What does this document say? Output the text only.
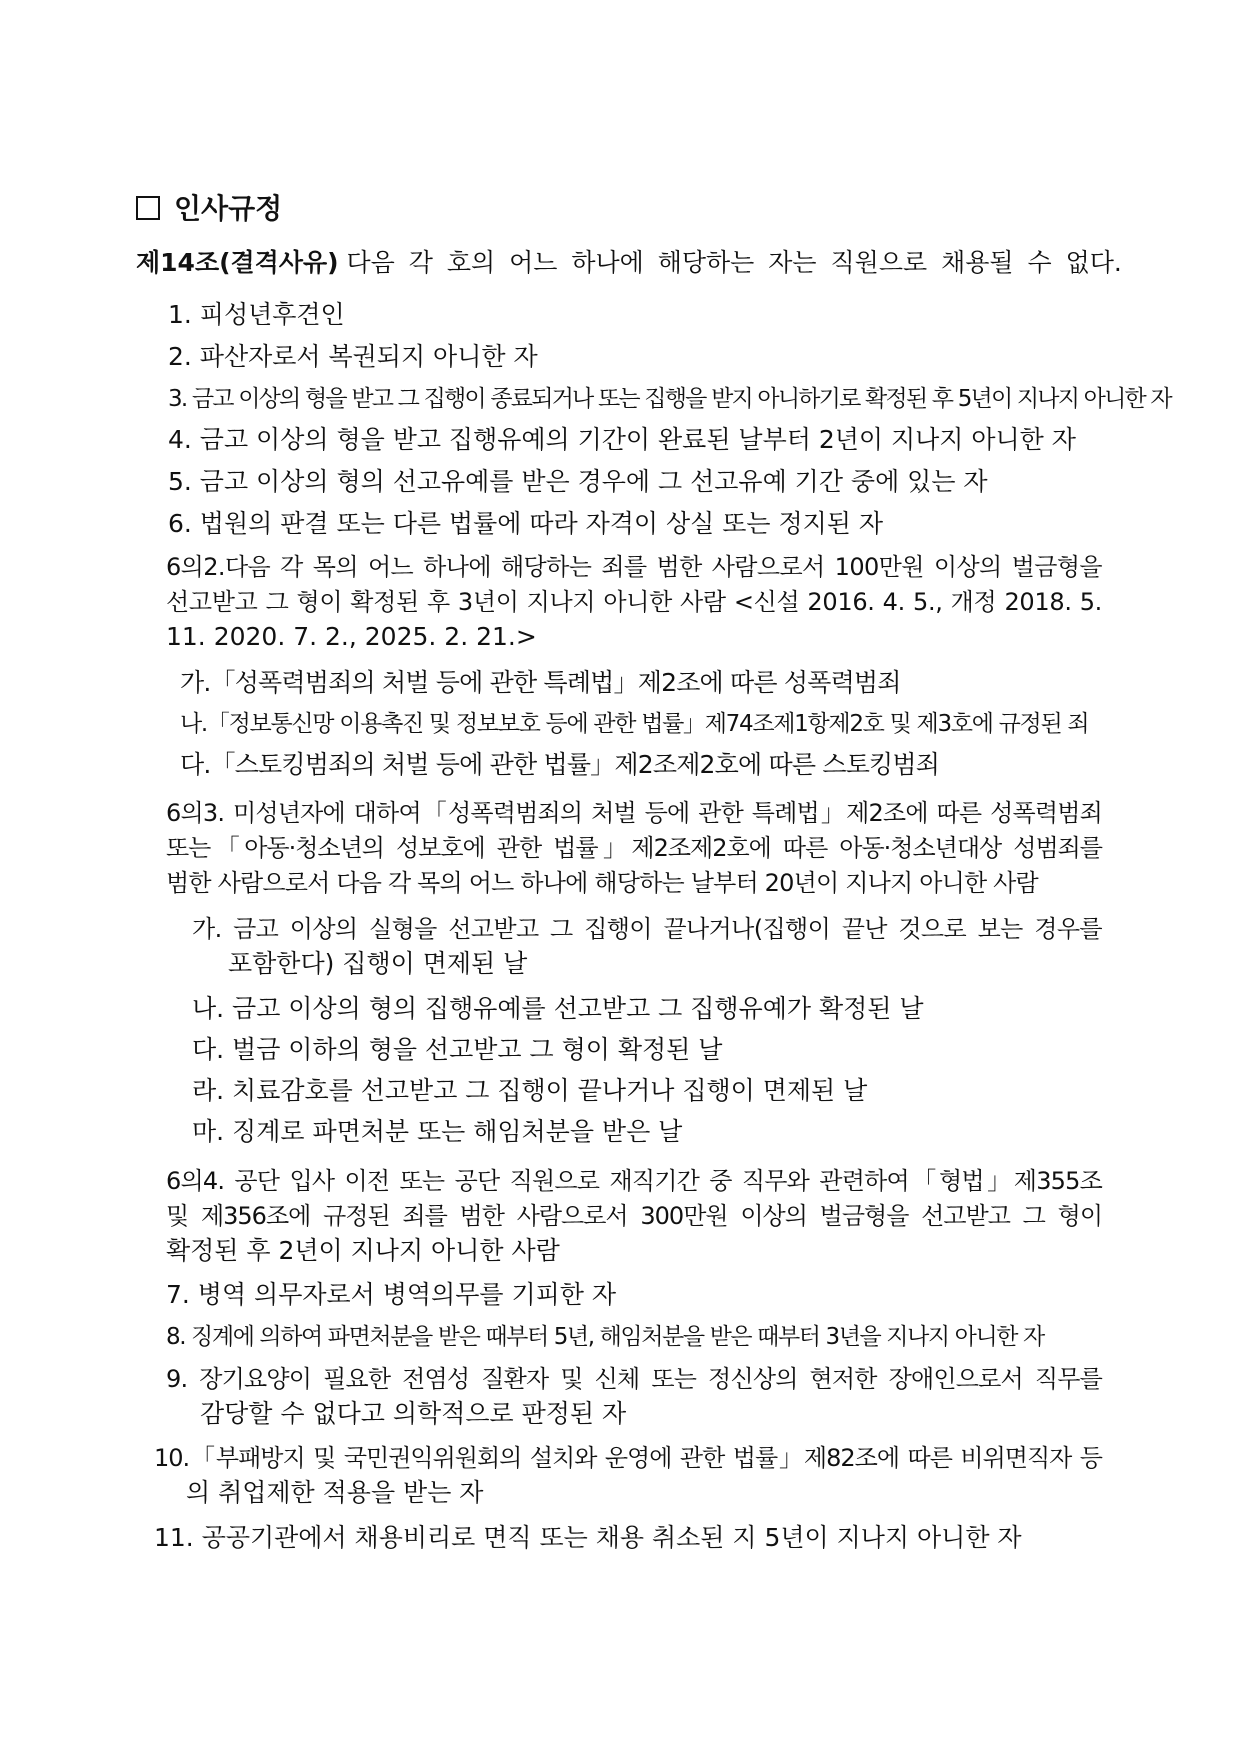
인사규정
제14조(결격사유) 다음 각 호의 어느 하나에 해당하는 자는 직원으로 채용될 수 없다.
1. 피성년후견인
2. 파산자로서 복권되지 아니한 자
3. 금고 이상의 형을 받고 그 집행이 종료되거나 또는 집행을 받지 아니하기로 확정된 후 5년이 지나지 아니한 자
4. 금고 이상의 형을 받고 집행유예의 기간이 완료된 날부터 2년이 지나지 아니한 자
5. 금고 이상의 형의 선고유예를 받은 경우에 그 선고유예 기간 중에 있는 자
6. 법원의 판결 또는 다른 법률에 따라 자격이 상실 또는 정지된 자
6의2.다음 각 목의 어느 하나에 해당하는 죄를 범한 사람으로서 100만원 이상의 벌금형을
선고받고 그 형이 확정된 후 3년이 지나지 아니한 사람 <신설 2016. 4. 5., 개정 2018. 5.
11. 2020. 7. 2., 2025. 2. 21.>
가.「성폭력범죄의 처벌 등에 관한 특례법」제2조에 따른 성폭력범죄
나.「정보통신망 이용촉진 및 정보보호 등에 관한 법률」제74조제1항제2호 및 제3호에 규정된 죄
다.「스토킹범죄의 처벌 등에 관한 법률」제2조제2호에 따른 스토킹범죄
6의3. 미성년자에 대하여「성폭력범죄의 처벌 등에 관한 특례법」제2조에 따른 성폭력범죄
또는「아동·청소년의 성보호에 관한 법률」제2조제2호에 따른 아동·청소년대상 성범죄를
범한 사람으로서 다음 각 목의 어느 하나에 해당하는 날부터 20년이 지나지 아니한 사람
가. 금고 이상의 실형을 선고받고 그 집행이 끝나거나(집행이 끝난 것으로 보는 경우를
포함한다) 집행이 면제된 날
나. 금고 이상의 형의 집행유예를 선고받고 그 집행유예가 확정된 날
다. 벌금 이하의 형을 선고받고 그 형이 확정된 날
라. 치료감호를 선고받고 그 집행이 끝나거나 집행이 면제된 날
마. 징계로 파면처분 또는 해임처분을 받은 날
6의4. 공단 입사 이전 또는 공단 직원으로 재직기간 중 직무와 관련하여「형법」제355조
및 제356조에 규정된 죄를 범한 사람으로서 300만원 이상의 벌금형을 선고받고 그 형이
확정된 후 2년이 지나지 아니한 사람
7. 병역 의무자로서 병역의무를 기피한 자
8. 징계에 의하여 파면처분을 받은 때부터 5년, 해임처분을 받은 때부터 3년을 지나지 아니한 자
9. 장기요양이 필요한 전염성 질환자 및 신체 또는 정신상의 현저한 장애인으로서 직무를
감당할 수 없다고 의학적으로 판정된 자
10.「부패방지 및 국민권익위원회의 설치와 운영에 관한 법률」제82조에 따른 비위면직자 등
의 취업제한 적용을 받는 자
11. 공공기관에서 채용비리로 면직 또는 채용 취소된 지 5년이 지나지 아니한 자
